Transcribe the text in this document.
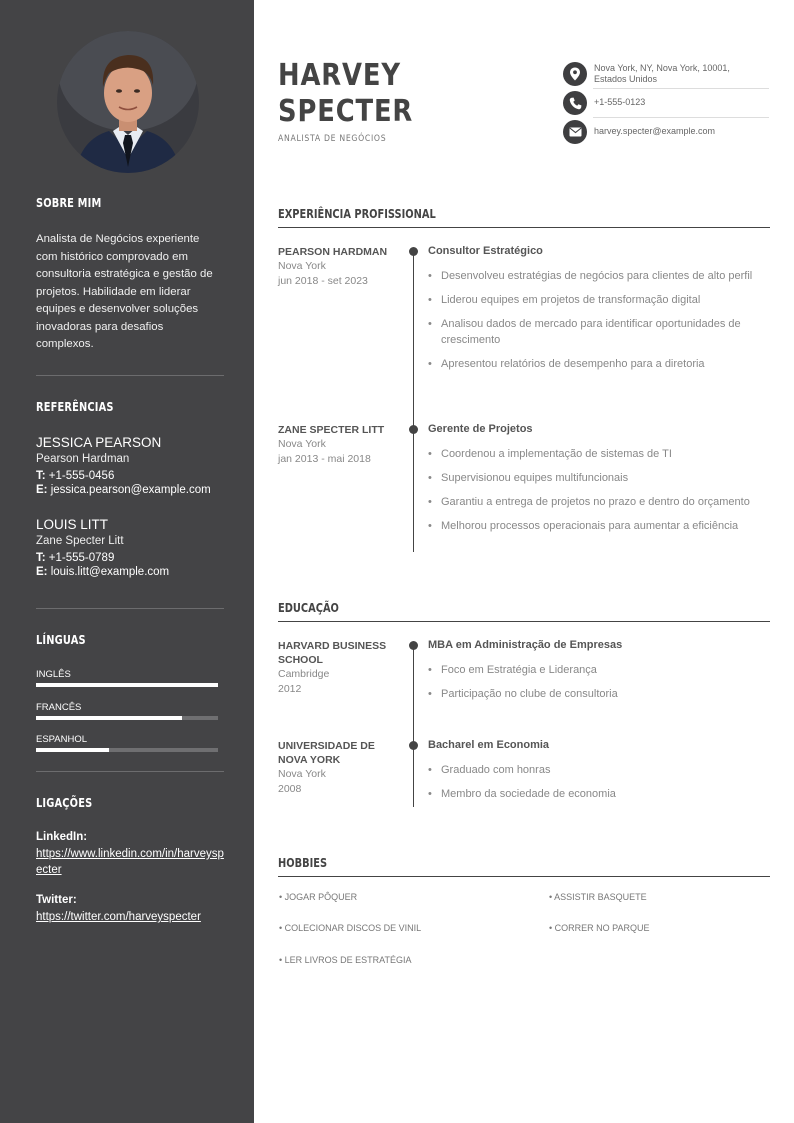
SOBRE MIM
Analista de Negócios experiente com histórico comprovado em consultoria estratégica e gestão de projetos. Habilidade em liderar equipes e desenvolver soluções inovadoras para desafios complexos.
REFERÊNCIAS
JESSICA PEARSON
Pearson Hardman
T: +1-555-0456
E: jessica.pearson@example.com
LOUIS LITT
Zane Specter Litt
T: +1-555-0789
E: louis.litt@example.com
LÍNGUAS
INGLÊS
FRANCÊS
ESPANHOL
LIGAÇÕES
LinkedIn:
https://www.linkedin.com/in/harveyspecter
Twitter:
https://twitter.com/harveyspecter
HARVEY
SPECTER
ANALISTA DE NEGÓCIOS
Nova York, NY, Nova York, 10001,
Estados Unidos
+1-555-0123
harvey.specter@example.com
EXPERIÊNCIA PROFISSIONAL
PEARSON HARDMAN
Nova York
jun 2018 - set 2023
Consultor Estratégico
• Desenvolveu estratégias de negócios para clientes de alto perfil
• Liderou equipes em projetos de transformação digital
• Analisou dados de mercado para identificar oportunidades de crescimento
• Apresentou relatórios de desempenho para a diretoria
ZANE SPECTER LITT
Nova York
jan 2013 - mai 2018
Gerente de Projetos
• Coordenou a implementação de sistemas de TI
• Supervisionou equipes multifuncionais
• Garantiu a entrega de projetos no prazo e dentro do orçamento
• Melhorou processos operacionais para aumentar a eficiência
EDUCAÇÃO
HARVARD BUSINESS SCHOOL
Cambridge
2012
MBA em Administração de Empresas
• Foco em Estratégia e Liderança
• Participação no clube de consultoria
UNIVERSIDADE DE NOVA YORK
Nova York
2008
Bacharel em Economia
• Graduado com honras
• Membro da sociedade de economia
HOBBIES
• JOGAR PÔQUER	• ASSISTIR BASQUETE
• COLECIONAR DISCOS DE VINIL	• CORRER NO PARQUE
• LER LIVROS DE ESTRATÉGIA
